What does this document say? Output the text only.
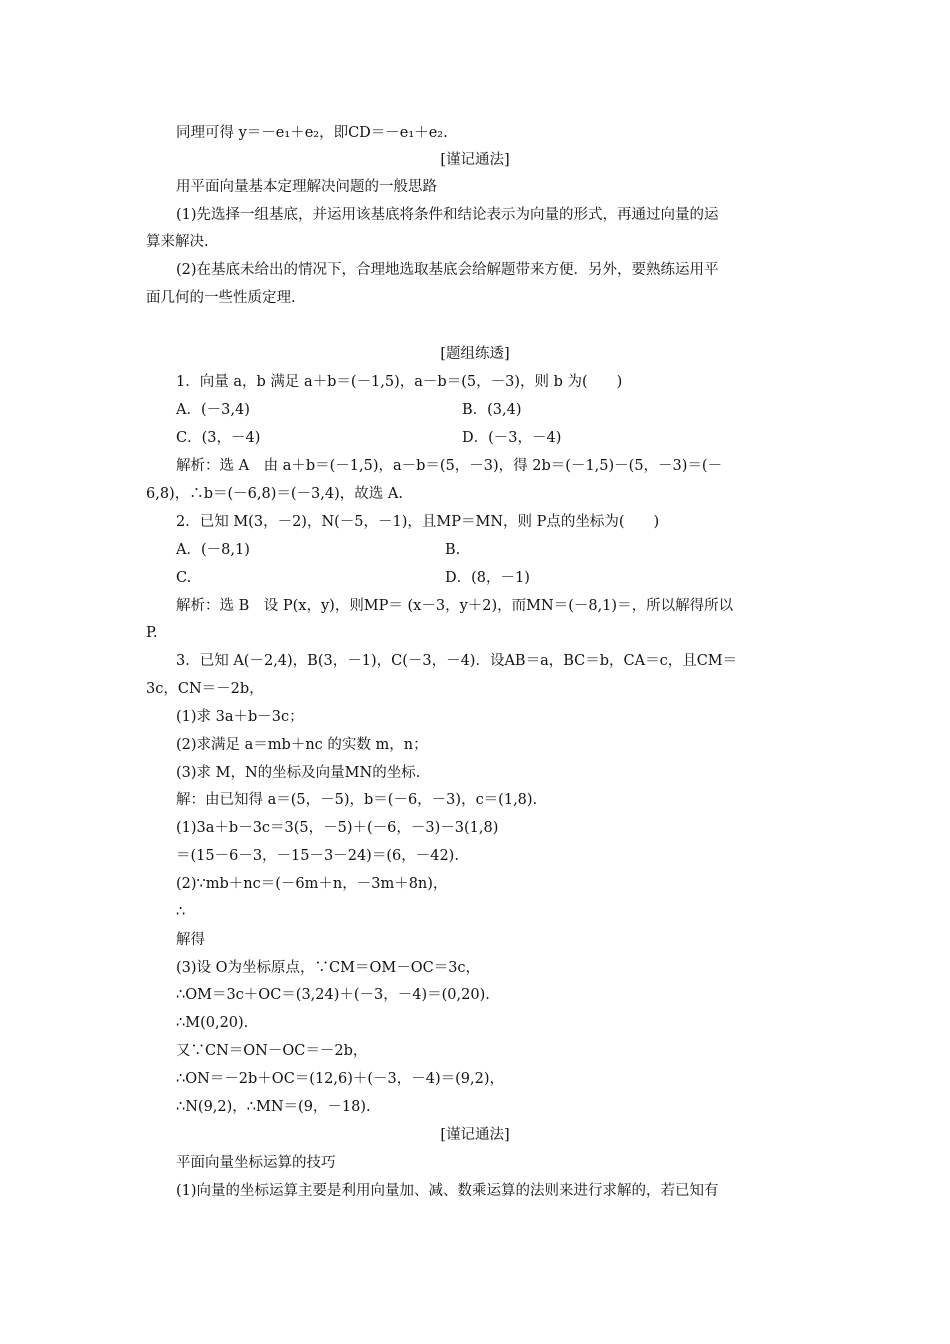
同理可得 y＝－e₁＋e₂，即CD＝－e₁＋e₂.
[谨记通法]
用平面向量基本定理解决问题的一般思路
(1)先选择一组基底，并运用该基底将条件和结论表示为向量的形式，再通过向量的运
算来解决.
(2)在基底未给出的情况下，合理地选取基底会给解题带来方便．另外，要熟练运用平
面几何的一些性质定理.
[题组练透]
1．向量 a，b 满足 a＋b＝(－1,5)，a－b＝(5，－3)，则 b 为(　　)
A．(－3,4)	B．(3,4)
C．(3，－4)	D．(－3，－4)
解析：选 A　由 a＋b＝(－1,5)，a－b＝(5，－3)，得 2b＝(－1,5)－(5，－3)＝(－
6,8)，∴b＝(－6,8)＝(－3,4)，故选 A.
2．已知 M(3，－2)，N(－5，－1)，且MP＝MN，则 P点的坐标为(　　)
A．(－8,1)	B.
C.	D．(8，－1)
解析：选 B　设 P(x，y)，则MP＝ (x－3，y＋2)，而MN＝(－8,1)＝，所以解得所以
P.
3．已知 A(－2,4)，B(3，－1)，C(－3，－4)．设AB＝a，BC＝b，CA＝c，且CM＝
3c，CN＝－2b，
(1)求 3a＋b－3c；
(2)求满足 a＝mb＋nc 的实数 m，n；
(3)求 M，N的坐标及向量MN的坐标.
解：由已知得 a＝(5，－5)，b＝(－6，－3)，c＝(1,8).
(1)3a＋b－3c＝3(5，－5)＋(－6，－3)－3(1,8)
＝(15－6－3，－15－3－24)＝(6，－42).
(2)∵mb＋nc＝(－6m＋n，－3m＋8n)，
∴
解得
(3)设 O为坐标原点，∵CM＝OM－OC＝3c，
∴OM＝3c＋OC＝(3,24)＋(－3，－4)＝(0,20).
∴M(0,20).
又∵CN＝ON－OC＝－2b，
∴ON＝－2b＋OC＝(12,6)＋(－3，－4)＝(9,2)，
∴N(9,2)，∴MN＝(9，－18).
[谨记通法]
平面向量坐标运算的技巧
(1)向量的坐标运算主要是利用向量加、减、数乘运算的法则来进行求解的，若已知有
